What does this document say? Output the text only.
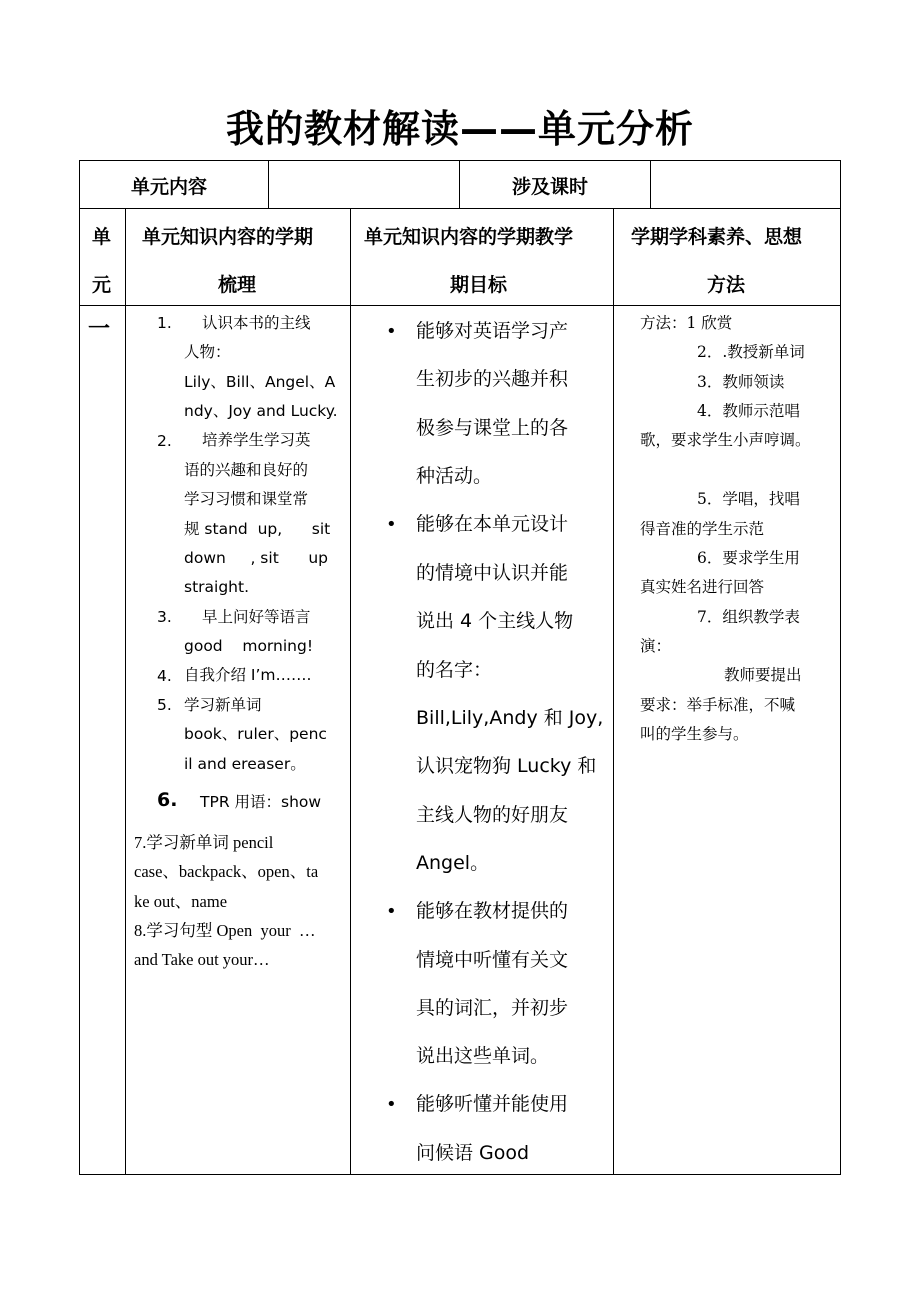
我的教材解读——单元分析
单元内容	涉及课时
单
元
单元知识内容的学期
梳理
单元知识内容的学期教学
期目标
学期学科素养、思想
方法
一	1. 认识本书的主线
人物：
Lily、Bill、Angel、A
ndy、Joy and Lucky.
2. 培养学生学习英
语的兴趣和良好的
学习习惯和课堂常
规 stand  up,      sit
down     , sit      up
straight.
3. 早上问好等语言
good    morning!
4. 自我介绍 I’m…….
5. 学习新单词
book、ruler、penc
il and ereaser。
6. TPR 用语：show
7.学习新单词 pencil
case、backpack、open、ta
ke out、name
8.学习句型 Open  your  …
and Take out your…
• 能够对英语学习产
生初步的兴趣并积
极参与课堂上的各
种活动。
• 能够在本单元设计
的情境中认识并能
说出 4 个主线人物
的名字：
Bill,Lily,Andy 和 Joy,
认识宠物狗 Lucky 和
主线人物的好朋友
Angel。
• 能够在教材提供的
情境中听懂有关文
具的词汇，并初步
说出这些单词。
• 能够听懂并能使用
问候语 Good
方法：1 欣赏
2．.教授新单词
3．教师领读
4．教师示范唱
歌，要求学生小声哼调。
5．学唱，找唱
得音准的学生示范
6．要求学生用
真实姓名进行回答
7．组织教学表
演：
教师要提出
要求：举手标准，不喊
叫的学生参与。
